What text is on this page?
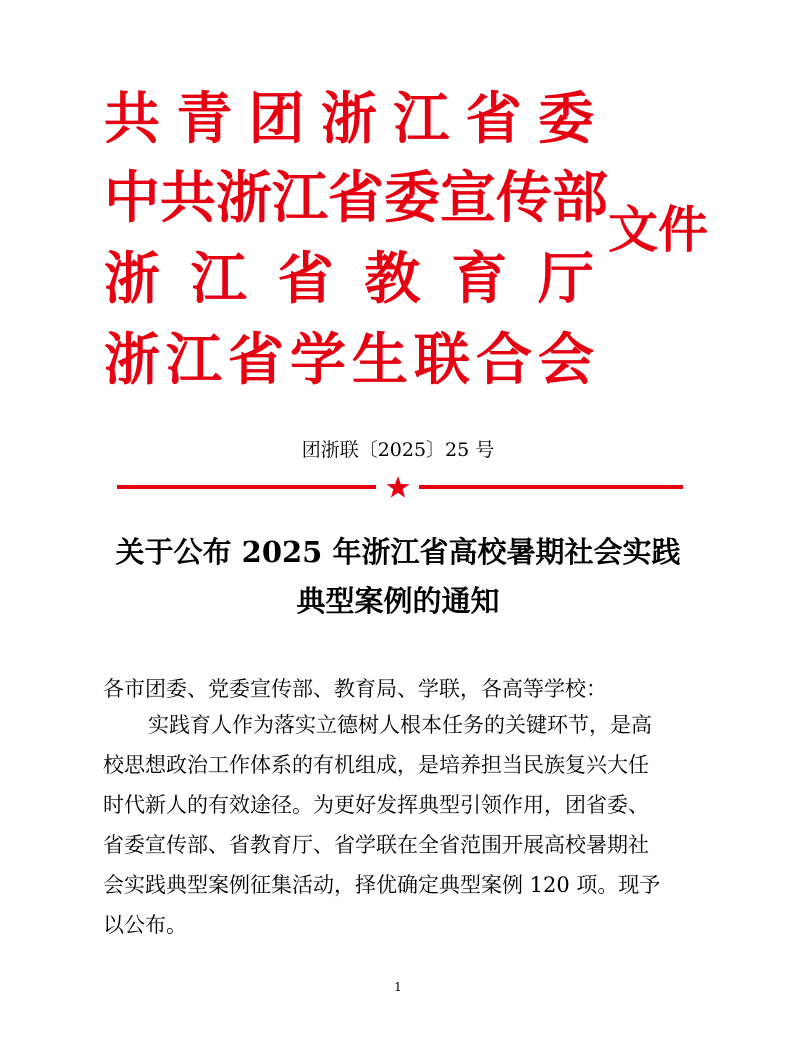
共 青 团 浙 江 省 委
中 共 浙 江 省 委 宣 传 部
浙 江 省 教 育 厅
浙 江 省 学 生 联 合 会
文件
团浙联〔2025〕25 号
关于公布 2025 年浙江省高校暑期社会实践
典型案例的通知
各市团委、党委宣传部、教育局、学联，各高等学校：
实践育人作为落实立德树人根本任务的关键环节，是高
校思想政治工作体系的有机组成，是培养担当民族复兴大任
时代新人的有效途径。为更好发挥典型引领作用，团省委、
省委宣传部、省教育厅、省学联在全省范围开展高校暑期社
会实践典型案例征集活动，择优确定典型案例 120 项。现予
以公布。
1
